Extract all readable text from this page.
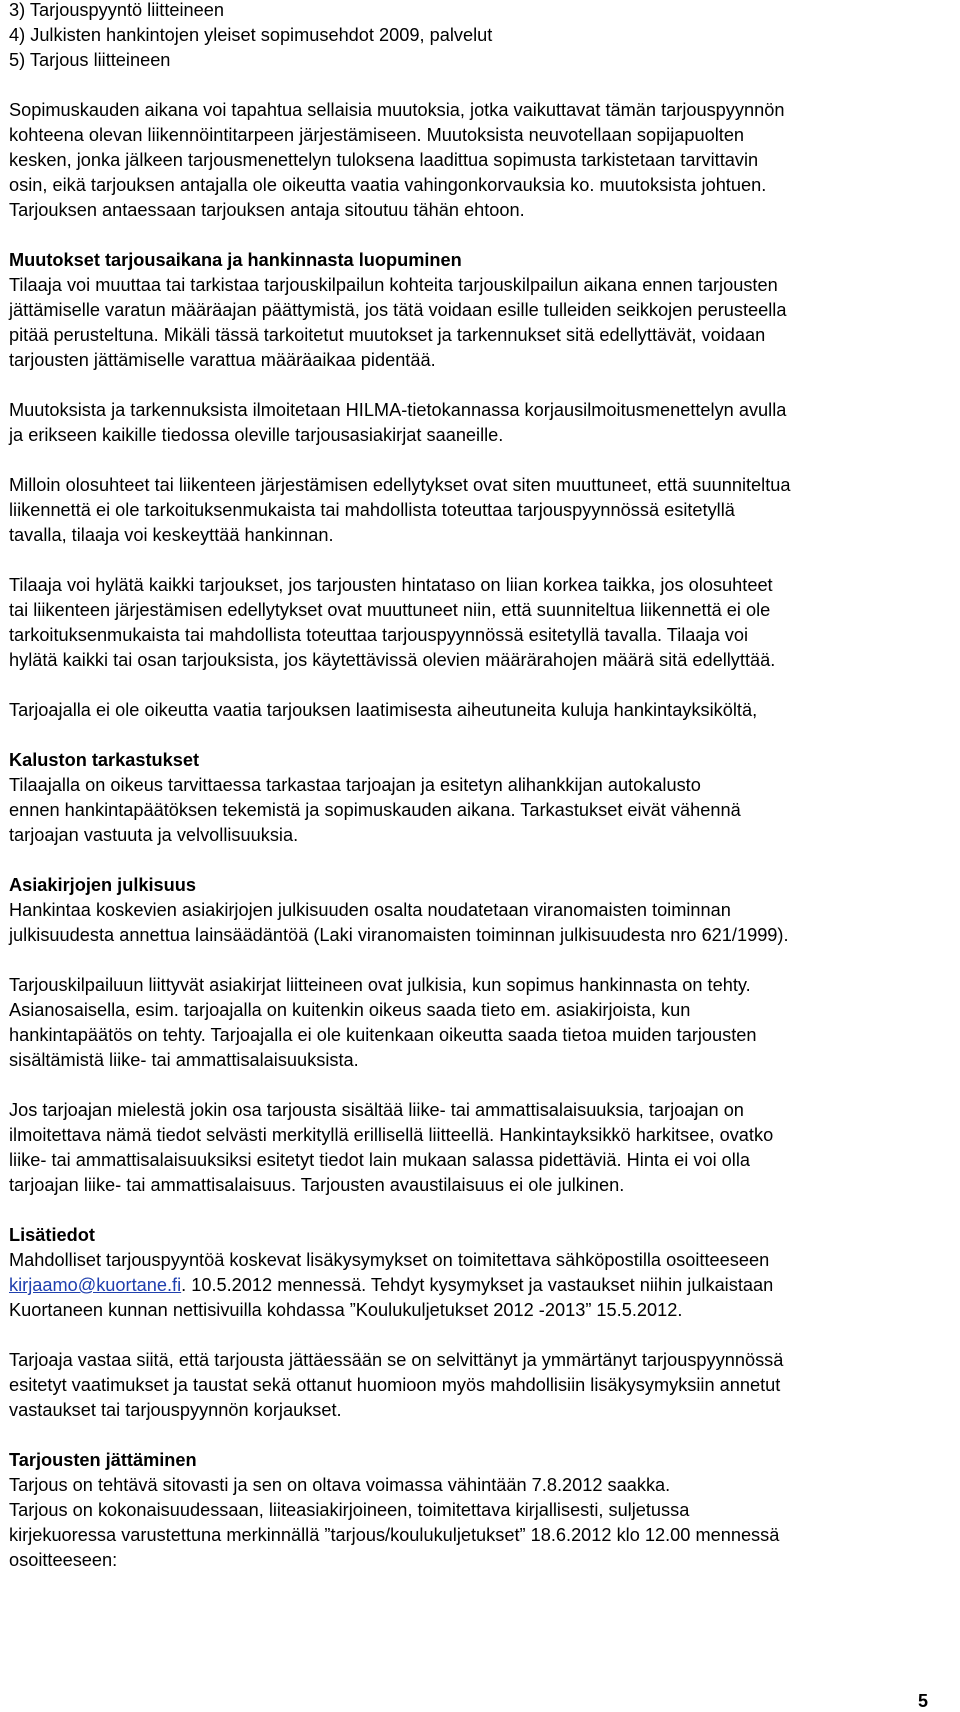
3) Tarjouspyyntö liitteineen
4) Julkisten hankintojen yleiset sopimusehdot 2009, palvelut
5) Tarjous liitteineen
Sopimuskauden aikana voi tapahtua sellaisia muutoksia, jotka vaikuttavat tämän tarjouspyynnön
kohteena olevan liikennöintitarpeen järjestämiseen. Muutoksista neuvotellaan sopijapuolten
kesken, jonka jälkeen tarjousmenettelyn tuloksena laadittua sopimusta tarkistetaan tarvittavin
osin, eikä tarjouksen antajalla ole oikeutta vaatia vahingonkorvauksia ko. muutoksista johtuen.
Tarjouksen antaessaan tarjouksen antaja sitoutuu tähän ehtoon.
Muutokset tarjousaikana ja hankinnasta luopuminen
Tilaaja voi muuttaa tai tarkistaa tarjouskilpailun kohteita tarjouskilpailun aikana ennen tarjousten
jättämiselle varatun määräajan päättymistä, jos tätä voidaan esille tulleiden seikkojen perusteella
pitää perusteltuna. Mikäli tässä tarkoitetut muutokset ja tarkennukset sitä edellyttävät, voidaan
tarjousten jättämiselle varattua määräaikaa pidentää.
Muutoksista ja tarkennuksista ilmoitetaan HILMA-tietokannassa korjausilmoitusmenettelyn avulla
ja erikseen kaikille tiedossa oleville tarjousasiakirjat saaneille.
Milloin olosuhteet tai liikenteen järjestämisen edellytykset ovat siten muuttuneet, että suunniteltua
liikennettä ei ole tarkoituksenmukaista tai mahdollista toteuttaa tarjouspyynnössä esitetyllä
tavalla, tilaaja voi keskeyttää hankinnan.
Tilaaja voi hylätä kaikki tarjoukset, jos tarjousten hintataso on liian korkea taikka, jos olosuhteet
tai liikenteen järjestämisen edellytykset ovat muuttuneet niin, että suunniteltua liikennettä ei ole
tarkoituksenmukaista tai mahdollista toteuttaa tarjouspyynnössä esitetyllä tavalla. Tilaaja voi
hylätä kaikki tai osan tarjouksista, jos käytettävissä olevien määrärahojen määrä sitä edellyttää.
Tarjoajalla ei ole oikeutta vaatia tarjouksen laatimisesta aiheutuneita kuluja hankintayksiköltä,
Kaluston tarkastukset
Tilaajalla on oikeus tarvittaessa tarkastaa tarjoajan ja esitetyn alihankkijan autokalusto
ennen hankintapäätöksen tekemistä ja sopimuskauden aikana. Tarkastukset eivät vähennä
tarjoajan vastuuta ja velvollisuuksia.
Asiakirjojen julkisuus
Hankintaa koskevien asiakirjojen julkisuuden osalta noudatetaan viranomaisten toiminnan
julkisuudesta annettua lainsäädäntöä (Laki viranomaisten toiminnan julkisuudesta nro 621/1999).
Tarjouskilpailuun liittyvät asiakirjat liitteineen ovat julkisia, kun sopimus hankinnasta on tehty.
Asianosaisella, esim. tarjoajalla on kuitenkin oikeus saada tieto em. asiakirjoista, kun
hankintapäätös on tehty. Tarjoajalla ei ole kuitenkaan oikeutta saada tietoa muiden tarjousten
sisältämistä liike- tai ammattisalaisuuksista.
Jos tarjoajan mielestä jokin osa tarjousta sisältää liike- tai ammattisalaisuuksia, tarjoajan on
ilmoitettava nämä tiedot selvästi merkityllä erillisellä liitteellä. Hankintayksikkö harkitsee, ovatko
liike- tai ammattisalaisuuksiksi esitetyt tiedot lain mukaan salassa pidettäviä. Hinta ei voi olla
tarjoajan liike- tai ammattisalaisuus. Tarjousten avaustilaisuus ei ole julkinen.
Lisätiedot
Mahdolliset tarjouspyyntöä koskevat lisäkysymykset on toimitettava sähköpostilla osoitteeseen
kirjaamo@kuortane.fi. 10.5.2012 mennessä. Tehdyt kysymykset ja vastaukset niihin julkaistaan
Kuortaneen kunnan nettisivuilla kohdassa ”Koulukuljetukset 2012 -2013” 15.5.2012.
Tarjoaja vastaa siitä, että tarjousta jättäessään se on selvittänyt ja ymmärtänyt tarjouspyynnössä
esitetyt vaatimukset ja taustat sekä ottanut huomioon myös mahdollisiin lisäkysymyksiin annetut
vastaukset tai tarjouspyynnön korjaukset.
Tarjousten jättäminen
Tarjous on tehtävä sitovasti ja sen on oltava voimassa vähintään 7.8.2012 saakka.
Tarjous on kokonaisuudessaan, liiteasiakirjoineen, toimitettava kirjallisesti, suljetussa
kirjekuoressa varustettuna merkinnällä ”tarjous/koulukuljetukset” 18.6.2012 klo 12.00 mennessä
osoitteeseen:
5
